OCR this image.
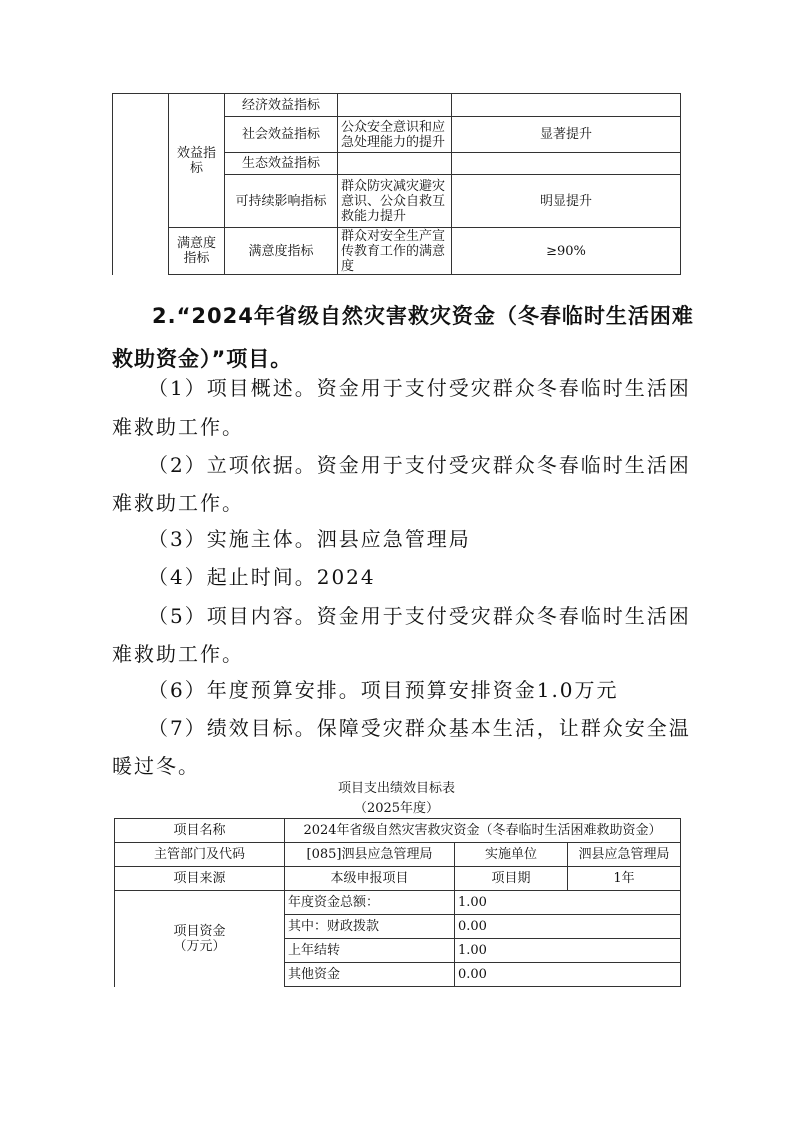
	效益指标	经济效益指标		
		社会效益指标	公众安全意识和应急处理能力的提升	显著提升
		生态效益指标		
		可持续影响指标	群众防灾减灾避灾意识、公众自救互救能力提升	明显提升
	满意度指标	满意度指标	群众对安全生产宣传教育工作的满意度	≥90%
2.“2024年省级自然灾害救灾资金（冬春临时生活困难
救助资金）”项目。
（1）项目概述。资金用于支付受灾群众冬春临时生活困
难救助工作。
（2）立项依据。资金用于支付受灾群众冬春临时生活困
难救助工作。
（3）实施主体。泗县应急管理局
（4）起止时间。2024
（5）项目内容。资金用于支付受灾群众冬春临时生活困
难救助工作。
（6）年度预算安排。项目预算安排资金1.0万元
（7）绩效目标。保障受灾群众基本生活，让群众安全温
暖过冬。
项目支出绩效目标表
（2025年度）
项目名称	2024年省级自然灾害救灾资金（冬春临时生活困难救助资金）		
主管部门及代码	[085]泗县应急管理局	实施单位	泗县应急管理局
项目来源	本级申报项目	项目期	1年

项目资金
（万元）	年度资金总额：	1.00	
	其中：财政拨款	0.00	
	上年结转	1.00	
	其他资金	0.00	
